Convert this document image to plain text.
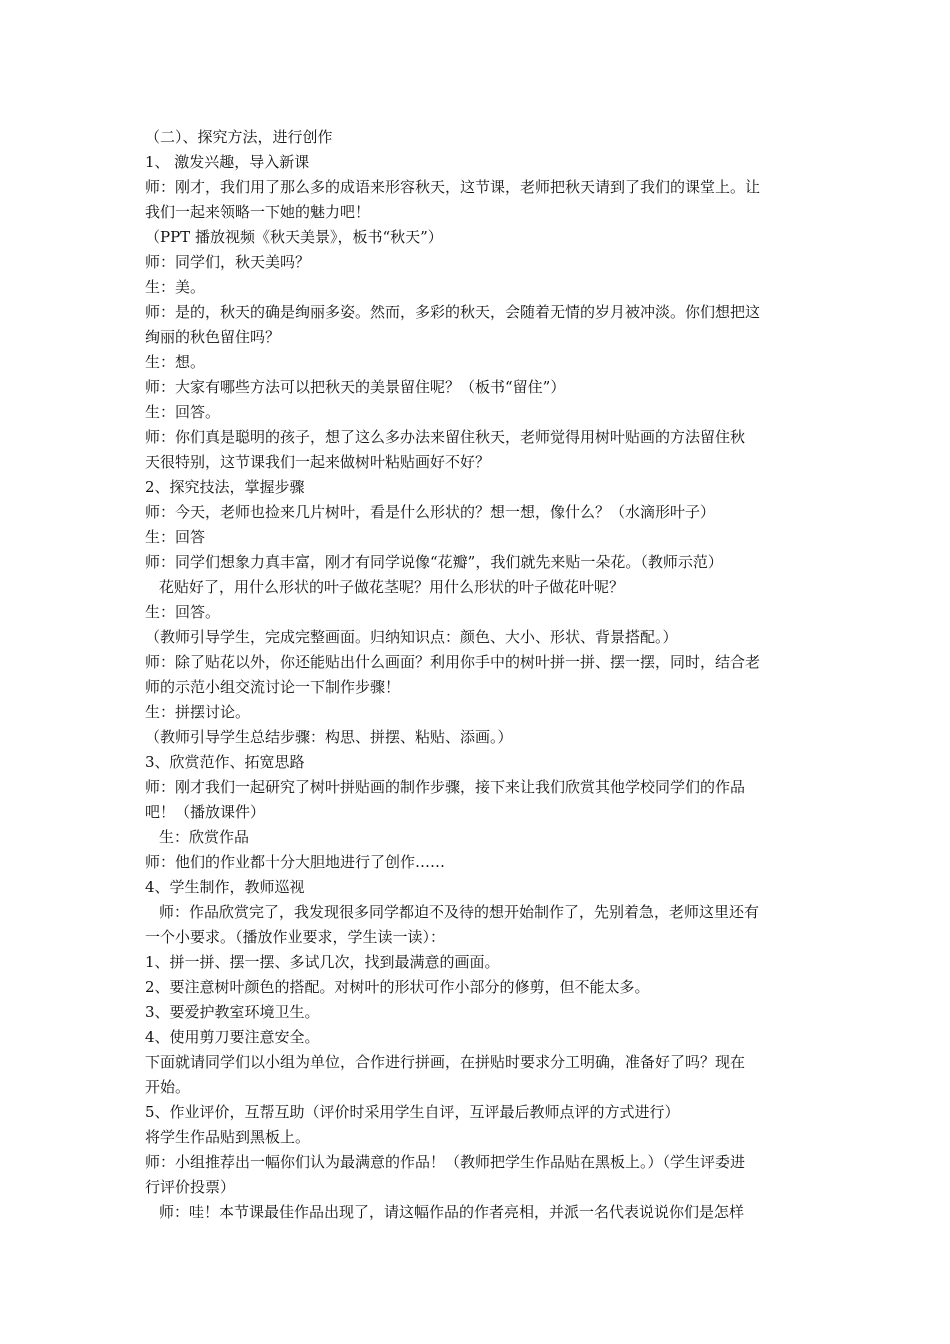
（二）、探究方法，进行创作
1、 激发兴趣，导入新课
师：刚才，我们用了那么多的成语来形容秋天，这节课，老师把秋天请到了我们的课堂上。让
我们一起来领略一下她的魅力吧！
（PPT 播放视频《秋天美景》，板书“秋天”）
师：同学们，秋天美吗？
生：美。
师：是的，秋天的确是绚丽多姿。然而，多彩的秋天，会随着无情的岁月被冲淡。你们想把这
绚丽的秋色留住吗？
生：想。
师：大家有哪些方法可以把秋天的美景留住呢？（板书“留住”）
生：回答。
师：你们真是聪明的孩子，想了这么多办法来留住秋天，老师觉得用树叶贴画的方法留住秋
天很特别，这节课我们一起来做树叶粘贴画好不好？
2、探究技法，掌握步骤
师：今天，老师也捡来几片树叶，看是什么形状的？想一想，像什么？（水滴形叶子）
生：回答
师：同学们想象力真丰富，刚才有同学说像“花瓣”，我们就先来贴一朵花。（教师示范）
花贴好了，用什么形状的叶子做花茎呢？用什么形状的叶子做花叶呢？
生：回答。
（教师引导学生，完成完整画面。归纳知识点：颜色、大小、形状、背景搭配。）
师：除了贴花以外，你还能贴出什么画面？利用你手中的树叶拼一拼、摆一摆，同时，结合老
师的示范小组交流讨论一下制作步骤！
生：拼摆讨论。
（教师引导学生总结步骤：构思、拼摆、粘贴、添画。）
3、欣赏范作、拓宽思路
师：刚才我们一起研究了树叶拼贴画的制作步骤，接下来让我们欣赏其他学校同学们的作品
吧！（播放课件）
生：欣赏作品
师：他们的作业都十分大胆地进行了创作……
4、学生制作，教师巡视
师：作品欣赏完了，我发现很多同学都迫不及待的想开始制作了，先别着急，老师这里还有
一个小要求。（播放作业要求，学生读一读）：
1、拼一拼、摆一摆、多试几次，找到最满意的画面。
2、要注意树叶颜色的搭配。对树叶的形状可作小部分的修剪，但不能太多。
3、要爱护教室环境卫生。
4、使用剪刀要注意安全。
下面就请同学们以小组为单位，合作进行拼画，在拼贴时要求分工明确，准备好了吗？现在
开始。
5、作业评价，互帮互助（评价时采用学生自评，互评最后教师点评的方式进行）
将学生作品贴到黑板上。
师：小组推荐出一幅你们认为最满意的作品！（教师把学生作品贴在黑板上。）（学生评委进
行评价投票）
师：哇！本节课最佳作品出现了，请这幅作品的作者亮相，并派一名代表说说你们是怎样
